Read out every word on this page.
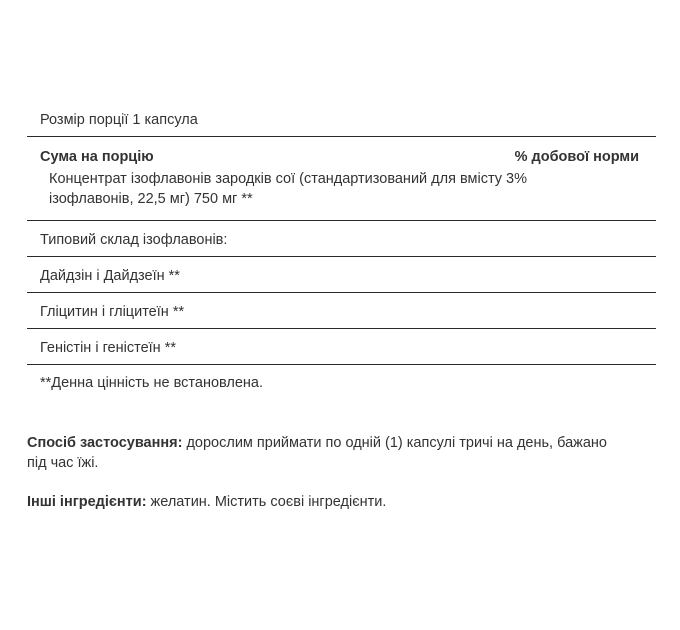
Розмір порції 1 капсула
Сума на порцію	% добової норми
Концентрат ізофлавонів зародків сої (стандартизований для вмісту 3% ізофлавонів, 22,5 мг) 750 мг **
Типовий склад ізофлавонів:
Дайдзін і Дайдзеїн **
Гліцитин і гліцитеїн **
Геністін і геністеїн **
**Денна цінність не встановлена.
Спосіб застосування: дорослим приймати по одній (1) капсулі тричі на день, бажано під час їжі.
Інші інгредієнти: желатин. Містить соєві інгредієнти.
